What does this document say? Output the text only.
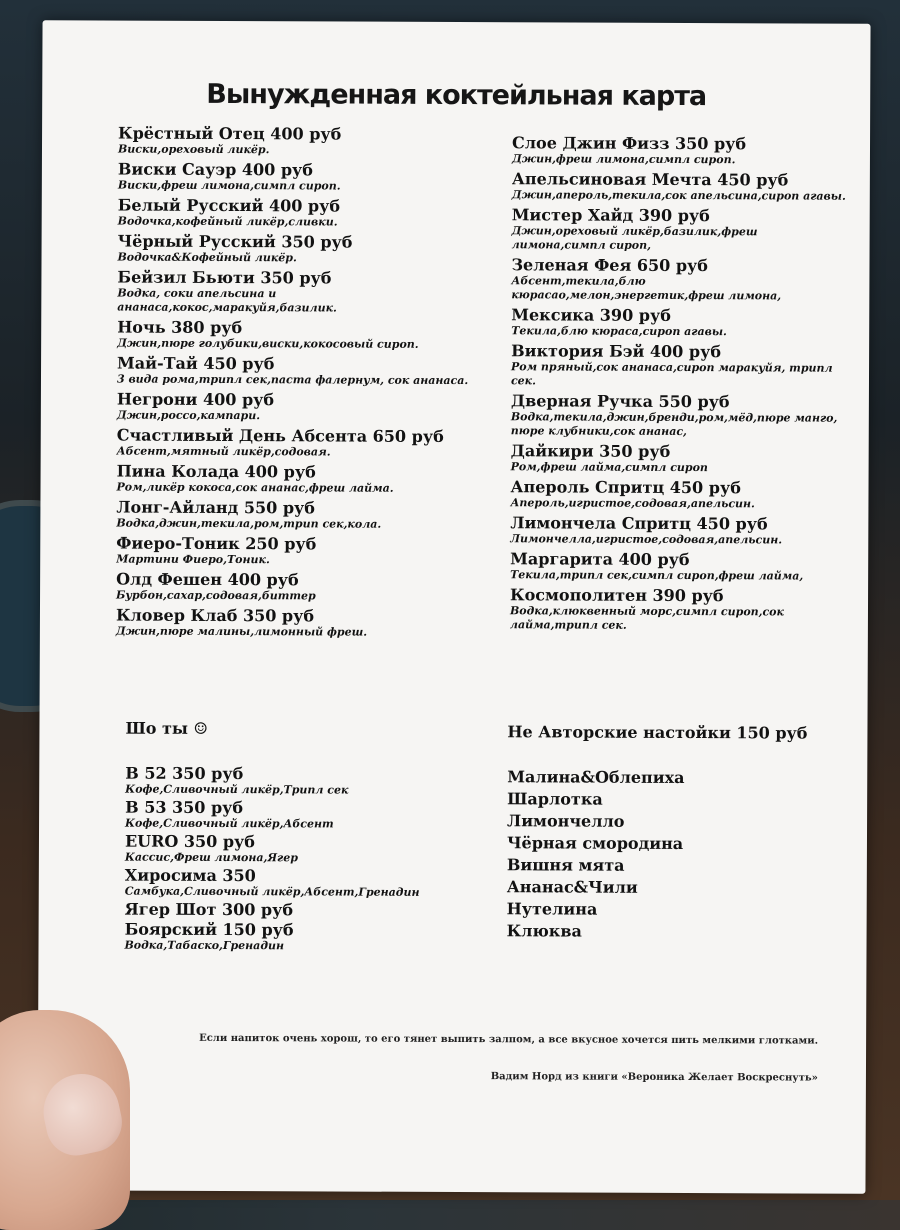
Вынужденная коктейльная карта
Крёстный Отец 400 руб
Виски,ореховый ликёр.
Виски Сауэр 400 руб
Виски,фреш лимона,симпл сироп.
Белый Русский 400 руб
Водочка,кофейный ликёр,сливки.
Чёрный Русский 350 руб
Водочка&Кофейный ликёр.
Бейзил Бьюти 350 руб
Водка, соки апельсина и ананаса,кокос,маракуйя,базилик.
Ночь 380 руб
Джин,пюре голубики,виски,кокосовый сироп.
Май-Тай 450 руб
3 вида рома,трипл сек,паста фалернум, сок ананаса.
Негрони 400 руб
Джин,россо,кампари.
Счастливый День Абсента 650 руб
Абсент,мятный ликёр,содовая.
Пина Колада 400 руб
Ром,ликёр кокоса,сок ананас,фреш лайма.
Лонг-Айланд 550 руб
Водка,джин,текила,ром,трип сек,кола.
Фиеро-Тоник 250 руб
Мартини Фиеро,Тоник.
Олд Фешен 400 руб
Бурбон,сахар,содовая,биттер
Кловер Клаб 350 руб
Джин,пюре малины,лимонный фреш.
Слое Джин Физз 350 руб
Джин,фреш лимона,симпл сироп.
Апельсиновая Мечта 450 руб
Джин,апероль,текила,сок апельсина,сироп агавы.
Мистер Хайд 390 руб
Джин,ореховый ликёр,базилик,фреш лимона,симпл сироп,
Зеленая Фея 650 руб
Абсент,текила,блю кюрасао,мелон,энергетик,фреш лимона,
Мексика 390 руб
Текила,блю кюраса,сироп агавы.
Виктория Бэй 400 руб
Ром пряный,сок ананаса,сироп маракуйя, трипл сек.
Дверная Ручка 550 руб
Водка,текила,джин,бренди,ром,мёд,пюре манго, пюре клубники,сок ананас,
Дайкири 350 руб
Ром,фреш лайма,симпл сироп
Апероль Спритц 450 руб
Апероль,игристое,содовая,апельсин.
Лимончела Спритц 450 руб
Лимончелла,игристое,содовая,апельсин.
Маргарита 400 руб
Текила,трипл сек,симпл сироп,фреш лайма,
Космополитен 390 руб
Водка,клюквенный морс,симпл сироп,сок лайма,трипл сек.
Шо ты ☺	Не Авторские настойки 150 руб
В 52 350 руб
Кофе,Сливочный ликёр,Трипл сек
В 53 350 руб
Кофе,Сливочный ликёр,Абсент
EURO 350 руб
Кассис,Фреш лимона,Ягер
Хиросима 350
Самбука,Сливочный ликёр,Абсент,Гренадин
Ягер Шот 300 руб
Боярский 150 руб
Водка,Табаско,Гренадин
Малина&Облепиха
Шарлотка
Лимончелло
Чёрная смородина
Вишня мята
Ананас&Чили
Нутелина
Клюква
Если напиток очень хорош, то его тянет выпить залпом, а все вкусное хочется пить мелкими глотками.
Вадим Норд из книги «Вероника Желает Воскреснуть»
